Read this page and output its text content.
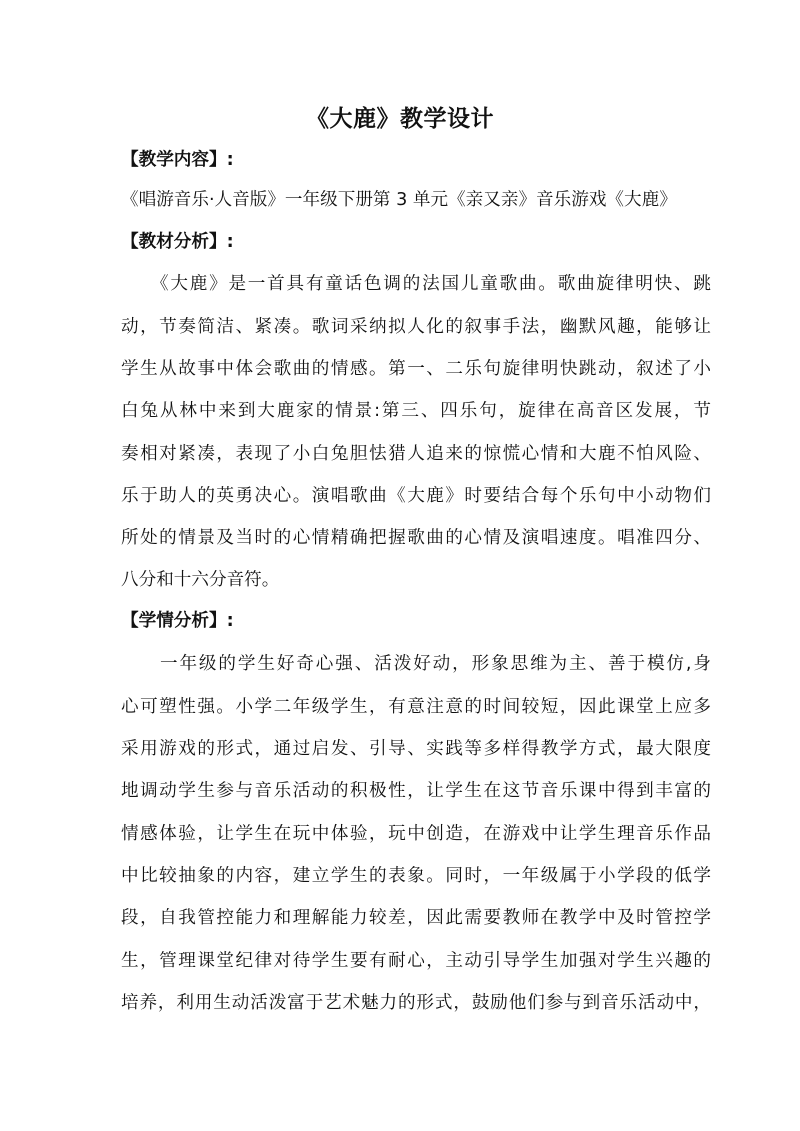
《大鹿》教学设计
【教学内容】:
《唱游音乐·人音版》一年级下册第 3 单元《亲又亲》音乐游戏《大鹿》
【教材分析】:
　　《大鹿》是一首具有童话色调的法国儿童歌曲。歌曲旋律明快、跳
动，节奏简洁、紧凑。歌词采纳拟人化的叙事手法，幽默风趣，能够让
学生从故事中体会歌曲的情感。第一、二乐句旋律明快跳动，叙述了小
白兔从林中来到大鹿家的情景:第三、四乐句，旋律在高音区发展，节
奏相对紧凑，表现了小白兔胆怯猎人追来的惊慌心情和大鹿不怕风险、
乐于助人的英勇决心。演唱歌曲《大鹿》时要结合每个乐句中小动物们
所处的情景及当时的心情精确把握歌曲的心情及演唱速度。唱准四分、
八分和十六分音符。
【学情分析】:
　　一年级的学生好奇心强、活泼好动，形象思维为主、善于模仿,身
心可塑性强。小学二年级学生，有意注意的时间较短，因此课堂上应多
采用游戏的形式，通过启发、引导、实践等多样得教学方式，最大限度
地调动学生参与音乐活动的积极性，让学生在这节音乐课中得到丰富的
情感体验，让学生在玩中体验，玩中创造，在游戏中让学生理音乐作品
中比较抽象的内容，建立学生的表象。同时，一年级属于小学段的低学
段，自我管控能力和理解能力较差，因此需要教师在教学中及时管控学
生，管理课堂纪律对待学生要有耐心，主动引导学生加强对学生兴趣的
培养，利用生动活泼富于艺术魅力的形式，鼓励他们参与到音乐活动中，
